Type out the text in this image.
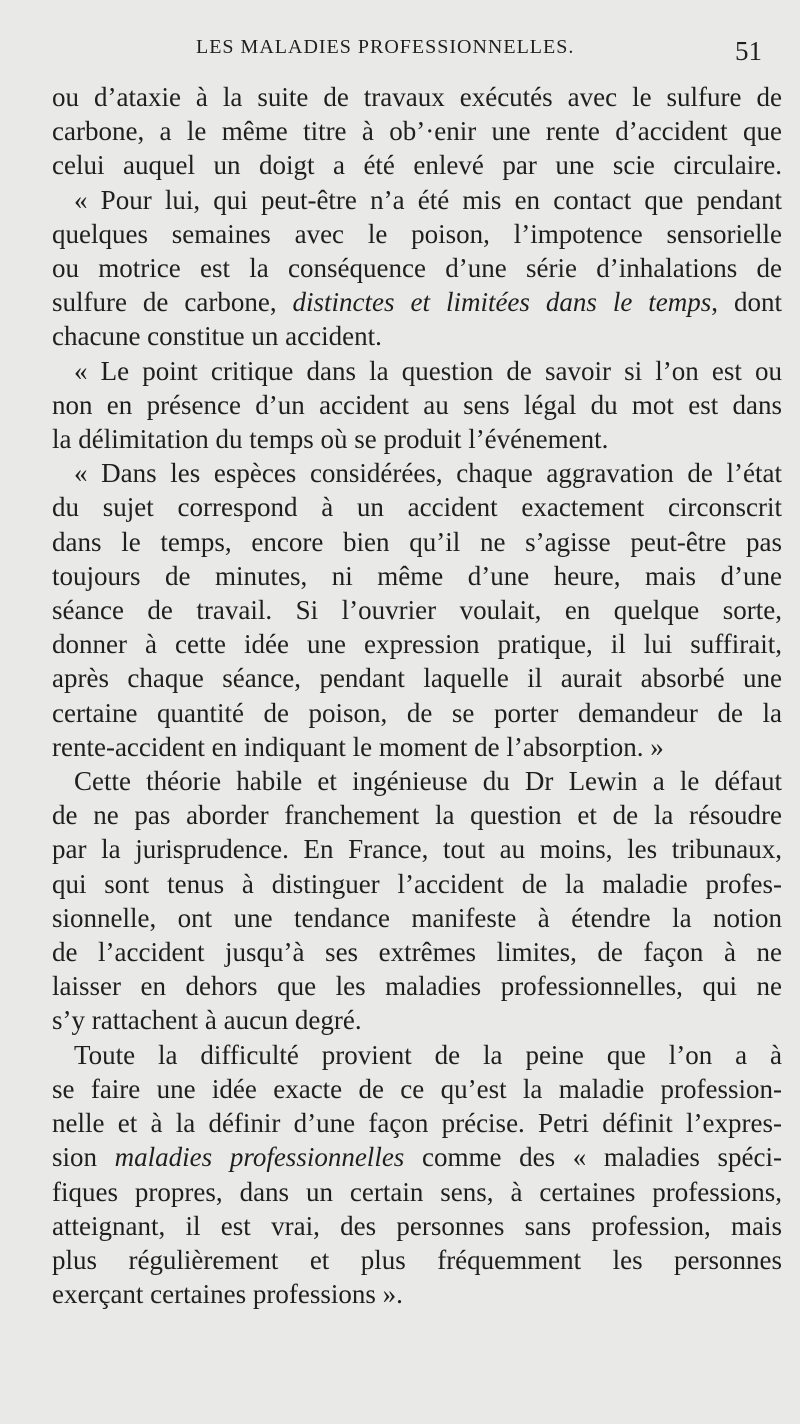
LES MALADIES PROFESSIONNELLES.	51
ou d’ataxie à la suite de travaux exécutés avec le sulfure de
carbone, a le même titre à ob’·enir une rente d’accident que
celui auquel un doigt a été enlevé par une scie circulaire.
« Pour lui, qui peut-être n’a été mis en contact que pendant
quelques semaines avec le poison, l’impotence sensorielle
ou motrice est la conséquence d’une série d’inhalations de
sulfure de carbone, distinctes et limitées dans le temps, dont
chacune constitue un accident.
« Le point critique dans la question de savoir si l’on est ou
non en présence d’un accident au sens légal du mot est dans
la délimitation du temps où se produit l’événement.
« Dans les espèces considérées, chaque aggravation de l’état
du sujet correspond à un accident exactement circonscrit
dans le temps, encore bien qu’il ne s’agisse peut-être pas
toujours de minutes, ni même d’une heure, mais d’une
séance de travail. Si l’ouvrier voulait, en quelque sorte,
donner à cette idée une expression pratique, il lui suffirait,
après chaque séance, pendant laquelle il aurait absorbé une
certaine quantité de poison, de se porter demandeur de la
rente-accident en indiquant le moment de l’absorption. »
Cette théorie habile et ingénieuse du Dr Lewin a le défaut
de ne pas aborder franchement la question et de la résoudre
par la jurisprudence. En France, tout au moins, les tribunaux,
qui sont tenus à distinguer l’accident de la maladie profes-
sionnelle, ont une tendance manifeste à étendre la notion
de l’accident jusqu’à ses extrêmes limites, de façon à ne
laisser en dehors que les maladies professionnelles, qui ne
s’y rattachent à aucun degré.
Toute la difficulté provient de la peine que l’on a à
se faire une idée exacte de ce qu’est la maladie profession-
nelle et à la définir d’une façon précise. Petri définit l’expres-
sion maladies professionnelles comme des « maladies spéci-
fiques propres, dans un certain sens, à certaines professions,
atteignant, il est vrai, des personnes sans profession, mais
plus régulièrement et plus fréquemment les personnes
exerçant certaines professions ».
